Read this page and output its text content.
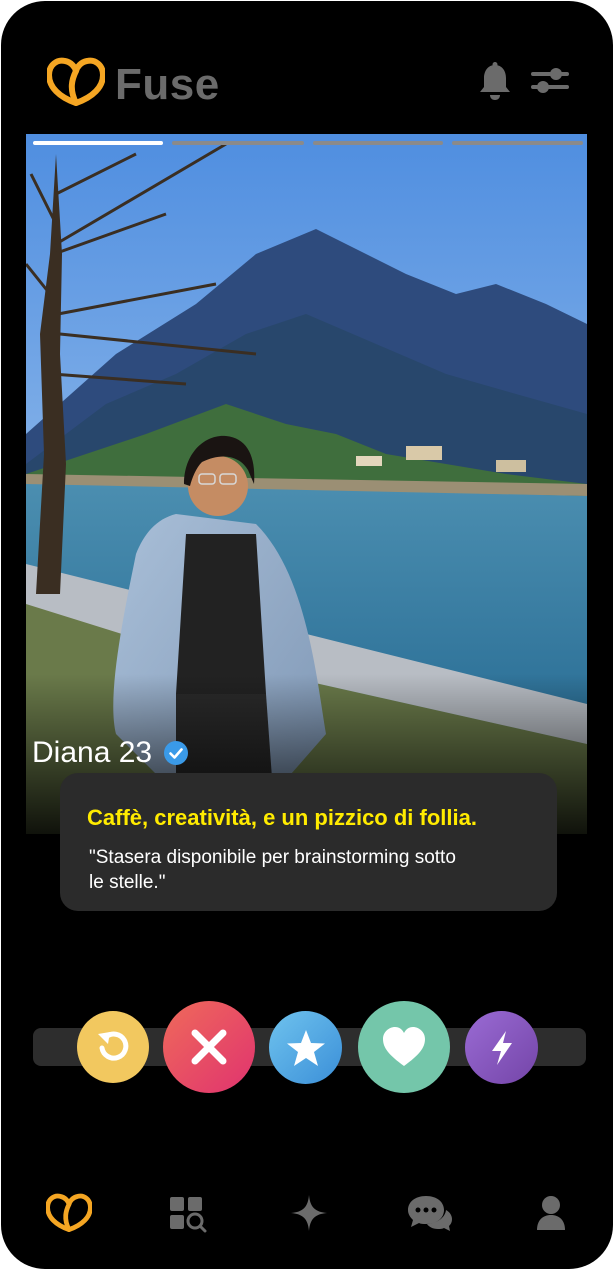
Fuse
Diana 23
Caffè, creatività, e un pizzico di follia.
"Stasera disponibile per brainstorming sotto le stelle."
